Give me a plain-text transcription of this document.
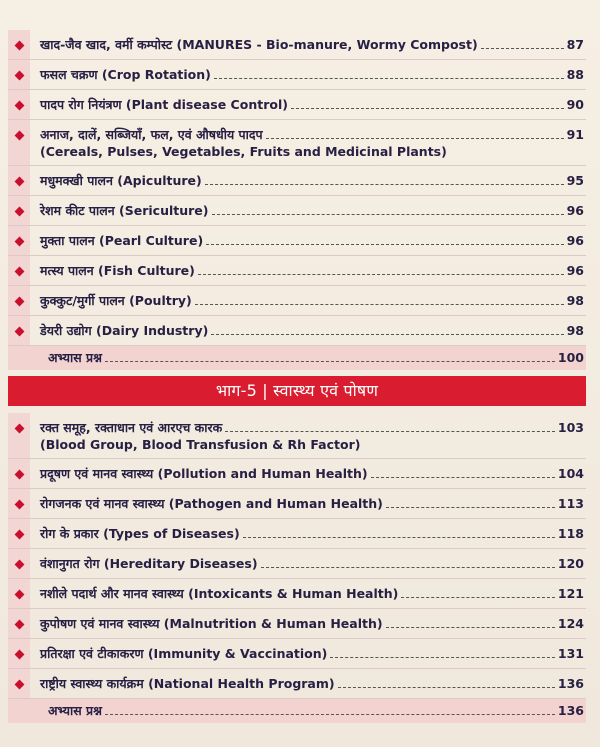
खाद-जैव खाद, वर्मी कम्पोस्ट (MANURES - Bio-manure, Wormy Compost)	87
फसल चक्रण (Crop Rotation)	88
पादप रोग नियंत्रण (Plant disease Control)	90
अनाज, दालें, सब्जियाँ, फल, एवं औषधीय पादप	91
(Cereals, Pulses, Vegetables, Fruits and Medicinal Plants)
मधुमक्खी पालन (Apiculture)	95
रेशम कीट पालन (Sericulture)	96
मुक्ता पालन (Pearl Culture)	96
मत्स्य पालन (Fish Culture)	96
कुक्कुट/मुर्गी पालन (Poultry)	98
डेयरी उद्योग (Dairy Industry)	98
अभ्यास प्रश्न	100
भाग-5 | स्वास्थ्य एवं पोषण
रक्त समूह, रक्ताधान एवं आरएच कारक	103
(Blood Group, Blood Transfusion & Rh Factor)
प्रदूषण एवं मानव स्वास्थ्य (Pollution and Human Health)	104
रोगजनक एवं मानव स्वास्थ्य (Pathogen and Human Health)	113
रोग के प्रकार (Types of Diseases)	118
वंशानुगत रोग (Hereditary Diseases)	120
नशीले पदार्थ और मानव स्वास्थ्य (Intoxicants & Human Health)	121
कुपोषण एवं मानव स्वास्थ्य (Malnutrition & Human Health)	124
प्रतिरक्षा एवं टीकाकरण (Immunity & Vaccination)	131
राष्ट्रीय स्वास्थ्य कार्यक्रम (National Health Program)	136
अभ्यास प्रश्न	136
